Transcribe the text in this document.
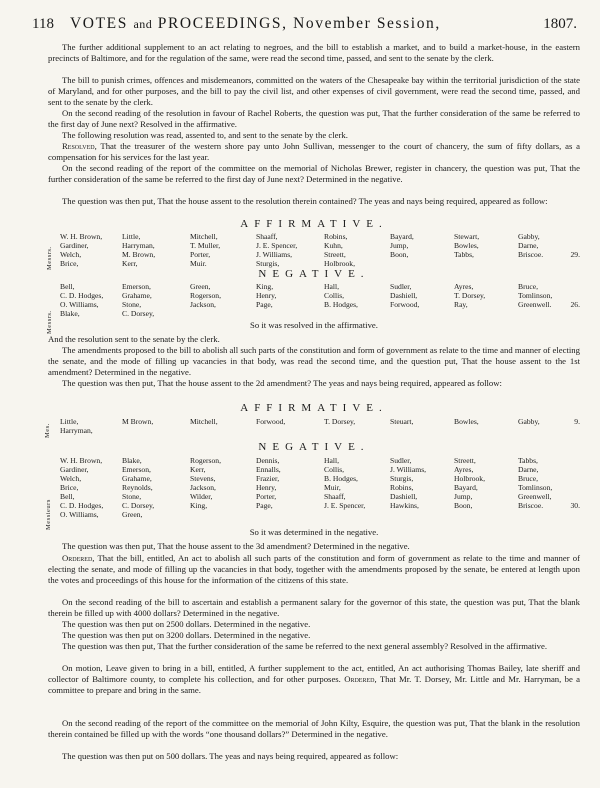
118 VOTES and PROCEEDINGS, November Session,	1807.

The further additional supplement to an act relating to negroes, and the bill to establish a market, and to build a market-house, in the eastern precincts of Baltimore, and for the regulation of the same, were read the second time, passed, and sent to the senate by the clerk.

The bill to punish crimes, offences and misdemeanors, committed on the waters of the Chesapeake bay within the territorial jurisdiction of the state of Maryland, and for other purposes, and the bill to pay the civil list, and other expenses of civil government, were read the second time, passed, and sent to the senate by the clerk.

On the second reading of the resolution in favour of Rachel Roberts, the question was put, That the further consideration of the same be referred to the first day of June next? Resolved in the affirmative.

The following resolution was read, assented to, and sent to the senate by the clerk.

Resolved, That the treasurer of the western shore pay unto John Sullivan, messenger to the court of chancery, the sum of fifty dollars, as a compensation for his services for the last year.

On the second reading of the report of the committee on the memorial of Nicholas Brewer, register in chancery, the question was put, That the further consideration of the same be referred to the first day of June next? Determined in the negative.

The question was then put, That the house assent to the resolution therein contained? The yeas and nays being required, appeared as follow:

AFFIRMATIVE.
Messrs.
W. H. Brown,	Little,	Mitchell,	Shaaff,	Robins,	Bayard,	Stewart,	Gabby,
Gardiner,	Harryman,	T. Muller,	J. E. Spencer,	Kuhn,	Jump,	Bowles,	Darne,
Welch,	M. Brown,	Porter,	J. Williams,	Streett,	Boon,	Tabbs,	Briscoe.	29.
Brice,	Kerr,	Muir.	Sturgis,	Holbrook,
NEGATIVE.
Messrs.
Bell,	Emerson,	Green,	King,	Hall,	Sudler,	Ayres,	Bruce,
C. D. Hodges, Grahame,	Rogerson,	Henry,	Collis,	Dashiell,	T. Dorsey,	Tomlinson,
O. Williams,	Stone,	Jackson,	Page,	B. Hodges,	Forwood,	Ray,	Greenwell. 26.
Blake,	C. Dorsey,
So it was resolved in the affirmative.

And the resolution sent to the senate by the clerk.

The amendments proposed to the bill to abolish all such parts of the constitution and form of government as relate to the time and manner of electing the senate, and the mode of filling up vacancies in that body, was read the second time, and the question put, That the house assent to the 1st amendment? Determined in the negative.

The question was then put, That the house assent to the 2d amendment? The yeas and nays being required, appeared as follow:

AFFIRMATIVE.
Mes.
Little,	M Brown,	Mitchell,	Forwood,	T. Dorsey,	Steuart,	Bowles,	Gabby,	9.
Harryman,
NEGATIVE.
Messieurs
W. H. Brown,	Blake,	Rogerson,	Dennis,	Hall,	Sudler,	Streett,	Tabbs,
Gardiner,	Emerson,	Kerr,	Ennalls,	Collis,	J. Williams,	Ayres,	Darne,
Welch,	Grahame,	Stevens,	Frazier,	B. Hodges,	Sturgis,	Holbrook,	Bruce,
Brice,	Reynolds,	Jackson,	Henry,	Muir,	Robins,	Bayard,	Tomlinson,
Bell,	Stone,	Wilder,	Porter,	Shaaff,	Dashiell,	Jump,	Greenwell,
C. D. Hodges, C. Dorsey,	King,	Page,	J. E. Spencer,	Hawkins,	Boon,	Briscoe.	30.
O. Williams,	Green,
So it was determined in the negative.

The question was then put, That the house assent to the 3d amendment? Determined in the negative.

Ordered, That the bill, entitled, An act to abolish all such parts of the constitution and form of government as relate to the time and manner of electing the senate, and mode of filling up the vacancies in that body, together with the amendments proposed by the senate, be entered at length upon the votes and proceedings of this house for the information of the citizens of this state.

On the second reading of the bill to ascertain and establish a permanent salary for the governor of this state, the question was put, That the blank therein be filled up with 4000 dollars? Determined in the negative.

The question was then put on 2500 dollars. Determined in the negative.

The question was then put on 3200 dollars. Determined in the negative.

The question was then put, That the further consideration of the same be referred to the next general assembly? Resolved in the affirmative.

On motion, Leave given to bring in a bill, entitled, A further supplement to the act, entitled, An act authorising Thomas Bailey, late sheriff and collector of Baltimore county, to complete his collection, and for other purposes. Ordered, That Mr. T. Dorsey, Mr. Little and Mr. Harryman, be a committee to prepare and bring in the same.

On the second reading of the report of the committee on the memorial of John Kilty, Esquire, the question was put, That the blank in the resolution therein contained be filled up with the words “one thousand dollars?” Determined in the negative.

The question was then put on 500 dollars. The yeas and nays being required, appeared as follow:
